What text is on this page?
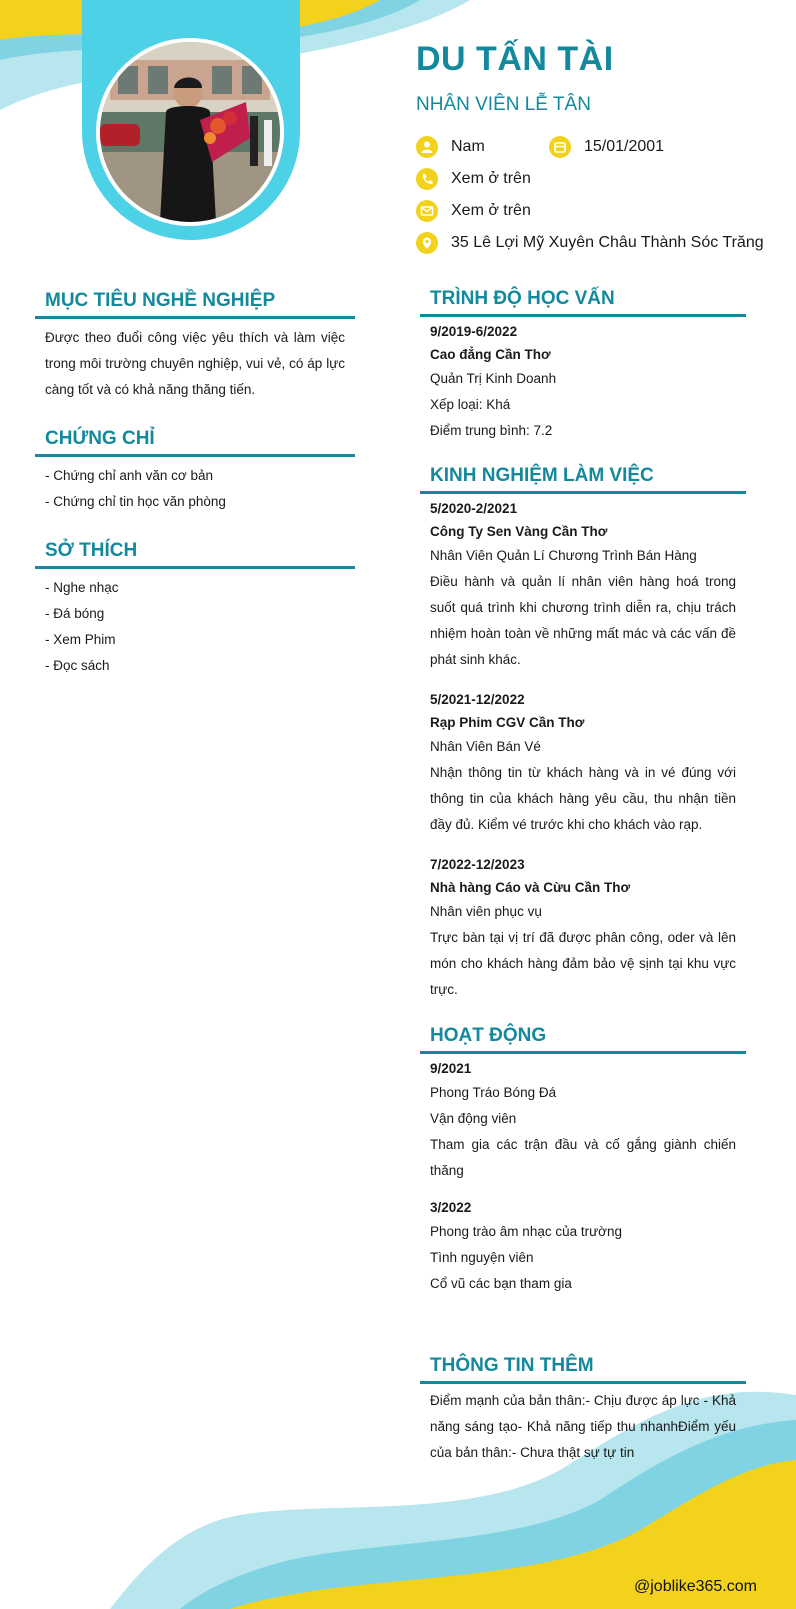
DU TẤN TÀI
NHÂN VIÊN LỄ TÂN
Nam	15/01/2001
Xem ở trên
Xem ở trên
35 Lê Lợi Mỹ Xuyên Châu Thành Sóc Trăng
MỤC TIÊU NGHỀ NGHIỆP
Được theo đuổi công việc yêu thích và làm việc trong môi trường chuyên nghiệp, vui vẻ, có áp lực càng tốt và có khả năng thăng tiến.
CHỨNG CHỈ
- Chứng chỉ anh văn cơ bản
- Chứng chỉ tin học văn phòng
SỞ THÍCH
- Nghe nhạc
- Đá bóng
- Xem Phim
- Đọc sách
TRÌNH ĐỘ HỌC VẤN
9/2019-6/2022
Cao đẳng Cần Thơ
Quản Trị Kinh Doanh
Xếp loại: Khá
Điểm trung bình: 7.2
KINH NGHIỆM LÀM VIỆC
5/2020-2/2021
Công Ty Sen Vàng Cần Thơ
Nhân Viên Quản Lí Chương Trình Bán Hàng
Điều hành và quản lí nhân viên hàng hoá trong suốt quá trình khi chương trình diễn ra, chịu trách nhiệm hoàn toàn về những mất mác và các vấn đề phát sinh khác.
5/2021-12/2022
Rạp Phim CGV Cần Thơ
Nhân Viên Bán Vé
Nhận thông tin từ khách hàng và in vé đúng với thông tin của khách hàng yêu cầu, thu nhận tiền đầy đủ. Kiểm vé trước khi cho khách vào rạp.
7/2022-12/2023
Nhà hàng Cáo và Cừu Cần Thơ
Nhân viên phục vụ
Trực bàn tại vị trí đã được phân công, oder và lên món cho khách hàng đảm bảo vệ sịnh tại khu vực trực.
HOẠT ĐỘNG
9/2021
Phong Tráo Bóng Đá
Vận động viên
Tham gia các trận đầu và cố gắng giành chiến thăng
3/2022
Phong trào âm nhạc của trường
Tình nguyện viên
Cổ vũ các bạn tham gia
THÔNG TIN THÊM
Điểm mạnh của bản thân:- Chịu được áp lực - Khả năng sáng tạo- Khả năng tiếp thu nhanhĐiểm yếu của bản thân:- Chưa thật sự tự tin
@joblike365.com
